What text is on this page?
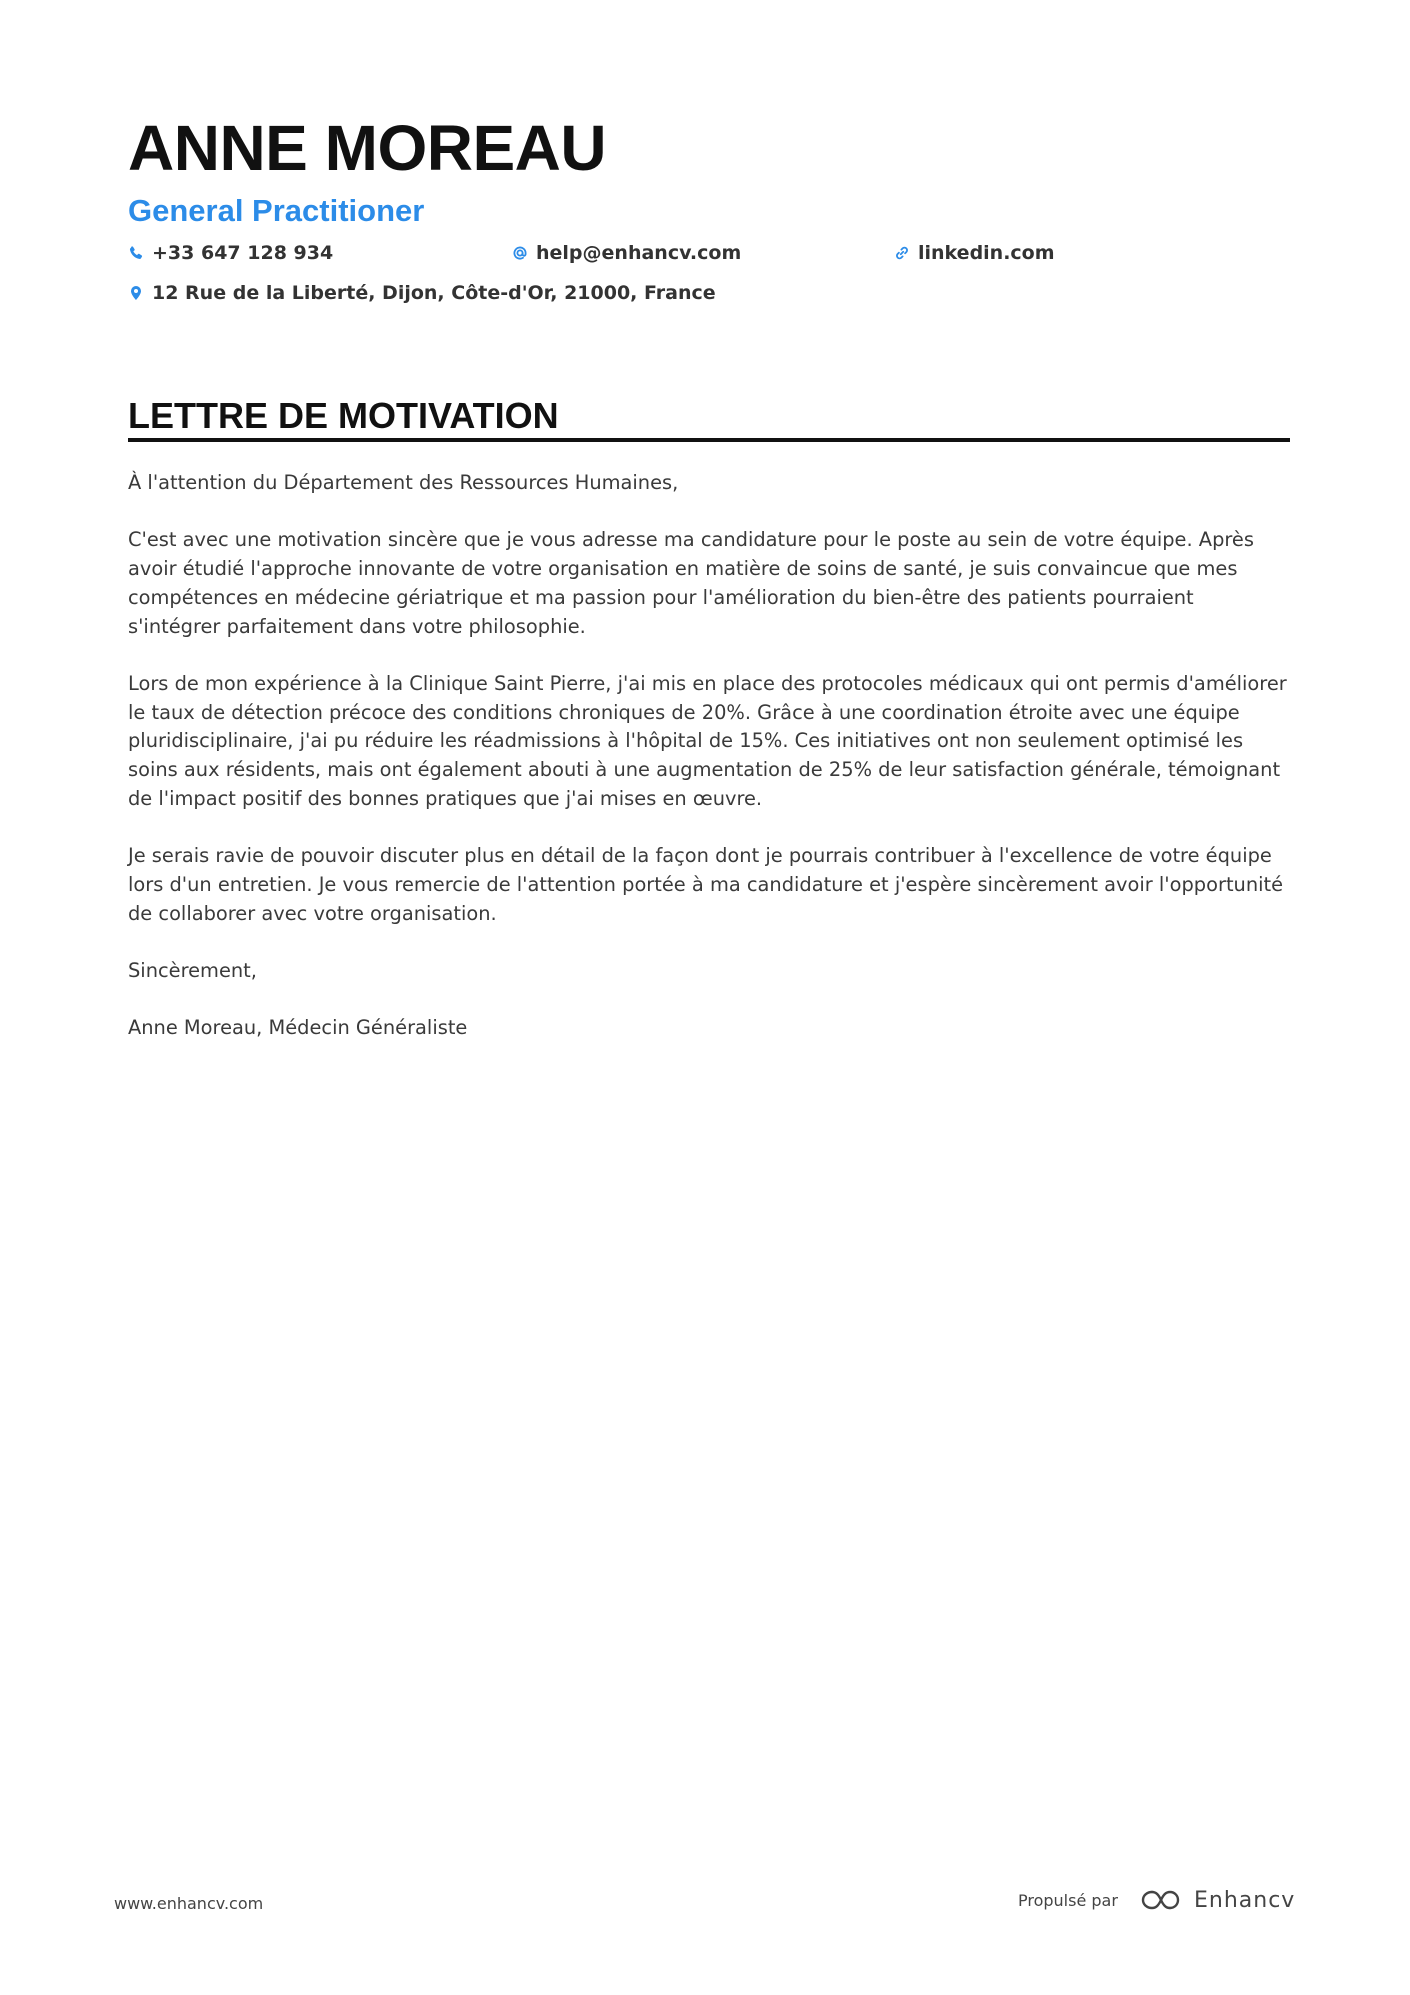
ANNE MOREAU
General Practitioner
+33 647 128 934	help@enhancv.com	linkedin.com
12 Rue de la Liberté, Dijon, Côte-d'Or, 21000, France
LETTRE DE MOTIVATION

À l'attention du Département des Ressources Humaines,

C'est avec une motivation sincère que je vous adresse ma candidature pour le poste au sein de votre équipe. Après avoir étudié l'approche innovante de votre organisation en matière de soins de santé, je suis convaincue que mes compétences en médecine gériatrique et ma passion pour l'amélioration du bien-être des patients pourraient s'intégrer parfaitement dans votre philosophie.

Lors de mon expérience à la Clinique Saint Pierre, j'ai mis en place des protocoles médicaux qui ont permis d'améliorer le taux de détection précoce des conditions chroniques de 20%. Grâce à une coordination étroite avec une équipe pluridisciplinaire, j'ai pu réduire les réadmissions à l'hôpital de 15%. Ces initiatives ont non seulement optimisé les soins aux résidents, mais ont également abouti à une augmentation de 25% de leur satisfaction générale, témoignant de l'impact positif des bonnes pratiques que j'ai mises en œuvre.

Je serais ravie de pouvoir discuter plus en détail de la façon dont je pourrais contribuer à l'excellence de votre équipe lors d'un entretien. Je vous remercie de l'attention portée à ma candidature et j'espère sincèrement avoir l'opportunité de collaborer avec votre organisation.

Sincèrement,

Anne Moreau, Médecin Généraliste

www.enhancv.com	Propulsé par	Enhancv
